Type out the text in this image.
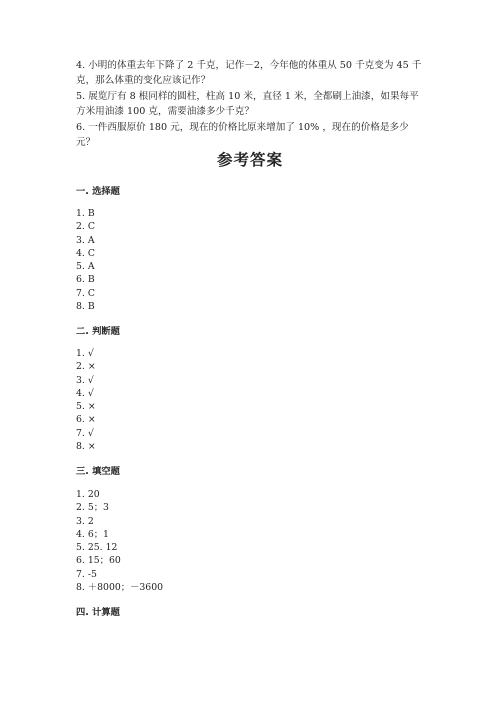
4. 小明的体重去年下降了 2 千克，记作－2，今年他的体重从 50 千克变为 45 千克，那么体重的变化应该记作？

5. 展览厅有 8 根同样的圆柱，柱高 10 米，直径 1 米，全都刷上油漆，如果每平方米用油漆 100 克，需要油漆多少千克？

6. 一件西服原价 180 元，现在的价格比原来增加了 10% ，现在的价格是多少元？

参考答案
一. 选择题
1. B
2. C
3. A
4. C
5. A
6. B
7. C
8. B
二. 判断题
1. √
2. ×
3. √
4. √
5. ×
6. ×
7. √
8. ×
三. 填空题
1. 20
2. 5；3
3. 2
4. 6；1
5. 25. 12
6. 15；60
7. -5
8. ＋8000；－3600
四. 计算题
